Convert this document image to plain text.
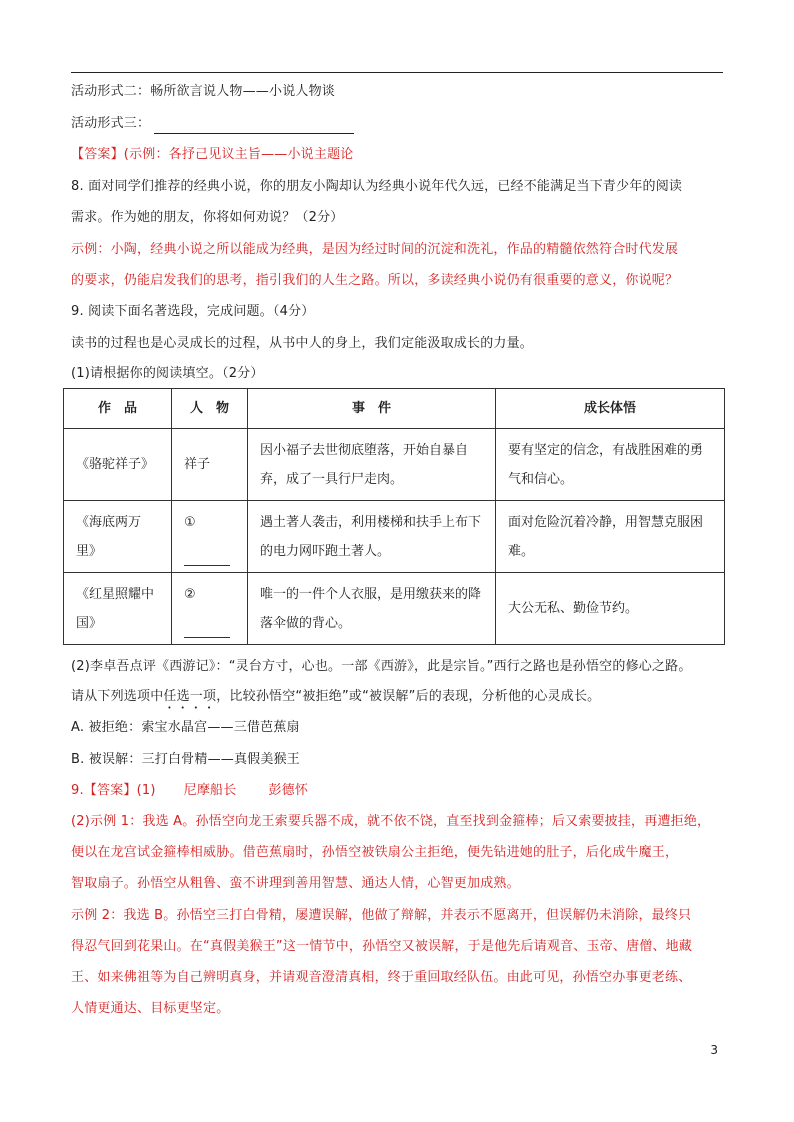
活动形式二：畅所欲言说人物——小说人物谈
活动形式三：
【答案】(示例：各抒己见议主旨——小说主题论
8. 面对同学们推荐的经典小说，你的朋友小陶却认为经典小说年代久远，已经不能满足当下青少年的阅读
需求。作为她的朋友，你将如何劝说？（2分）
示例：小陶，经典小说之所以能成为经典，是因为经过时间的沉淀和洗礼，作品的精髓依然符合时代发展
的要求，仍能启发我们的思考，指引我们的人生之路。所以，多读经典小说仍有很重要的意义，你说呢？
9. 阅读下面名著选段，完成问题。（4分）
读书的过程也是心灵成长的过程，从书中人的身上，我们定能汲取成长的力量。
(1)请根据你的阅读填空。（2分）
作　品	人　物	事　件	成长体悟
《骆驼祥子》	祥子	因小福子去世彻底堕落，开始自暴自弃，成了一具行尸走肉。	要有坚定的信念，有战胜困难的勇气和信心。
《海底两万里》	①	遇土著人袭击，利用楼梯和扶手上布下的电力网吓跑土著人。	面对危险沉着冷静，用智慧克服困难。
《红星照耀中国》	②	唯一的一件个人衣服，是用缴获来的降落伞做的背心。	大公无私、勤俭节约。
(2)李卓吾点评《西游记》：“灵台方寸，心也。一部《西游》，此是宗旨。”西行之路也是孙悟空的修心之路。
请从下列选项中任选一项，比较孙悟空“被拒绝”或“被误解”后的表现，分析他的心灵成长。
A. 被拒绝：索宝水晶宫——三借芭蕉扇
B. 被误解：三打白骨精——真假美猴王
9.【答案】(1) 尼摩船长 彭德怀
(2)示例 1：我选 A。孙悟空向龙王索要兵器不成，就不依不饶，直至找到金箍棒；后又索要披挂，再遭拒绝，
便以在龙宫试金箍棒相威胁。借芭蕉扇时，孙悟空被铁扇公主拒绝，便先钻进她的肚子，后化成牛魔王，
智取扇子。孙悟空从粗鲁、蛮不讲理到善用智慧、通达人情，心智更加成熟。
示例 2：我选 B。孙悟空三打白骨精，屡遭误解，他做了辩解，并表示不愿离开，但误解仍未消除，最终只
得忍气回到花果山。在“真假美猴王”这一情节中，孙悟空又被误解，于是他先后请观音、玉帝、唐僧、地藏
王、如来佛祖等为自己辨明真身，并请观音澄清真相，终于重回取经队伍。由此可见，孙悟空办事更老练、
人情更通达、目标更坚定。
3
